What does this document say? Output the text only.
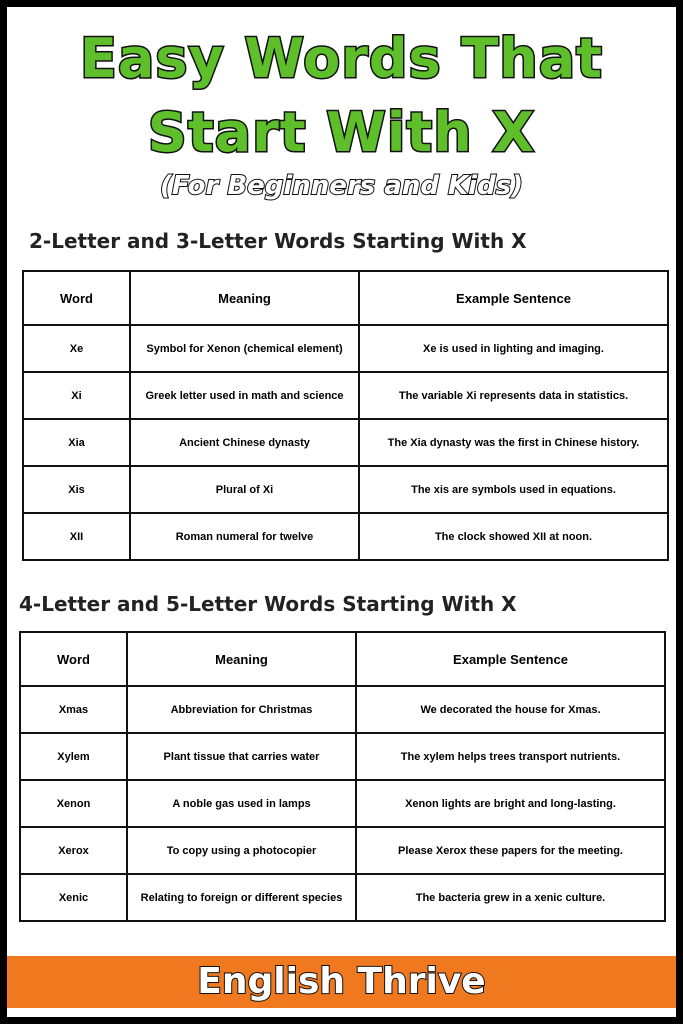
Easy Words That
Start With X
(For Beginners and Kids)
2-Letter and 3-Letter Words Starting With X
Word	Meaning	Example Sentence
Xe	Symbol for Xenon (chemical element)	Xe is used in lighting and imaging.
Xi	Greek letter used in math and science	The variable Xi represents data in statistics.
Xia	Ancient Chinese dynasty	The Xia dynasty was the first in Chinese history.
Xis	Plural of Xi	The xis are symbols used in equations.
XII	Roman numeral for twelve	The clock showed XII at noon.
4-Letter and 5-Letter Words Starting With X
Word	Meaning	Example Sentence
Xmas	Abbreviation for Christmas	We decorated the house for Xmas.
Xylem	Plant tissue that carries water	The xylem helps trees transport nutrients.
Xenon	A noble gas used in lamps	Xenon lights are bright and long-lasting.
Xerox	To copy using a photocopier	Please Xerox these papers for the meeting.
Xenic	Relating to foreign or different species	The bacteria grew in a xenic culture.
English Thrive
